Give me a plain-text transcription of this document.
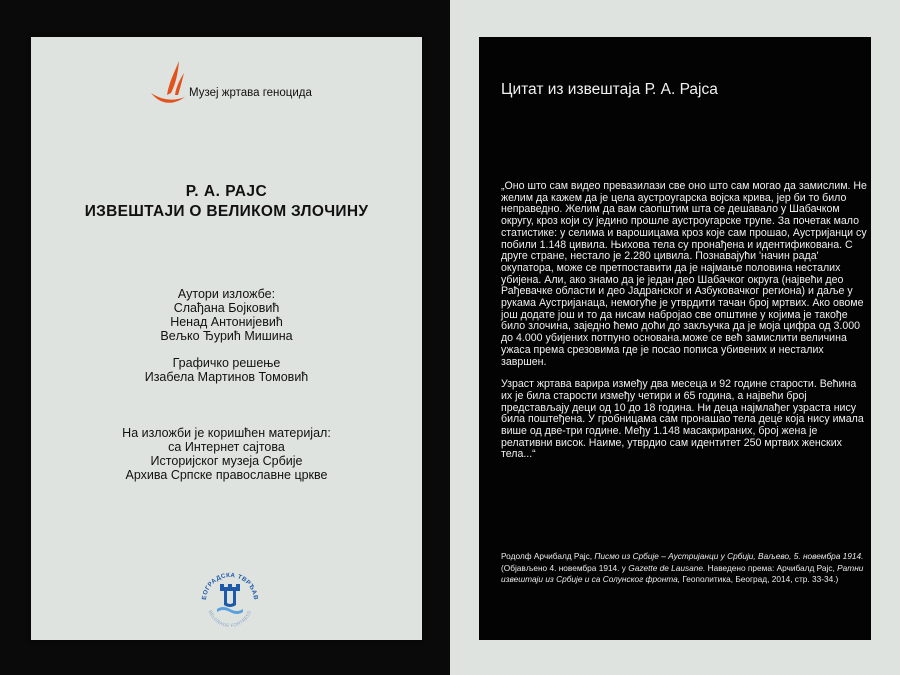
Музеј жртава геноцида
Р. А. РАЈС
ИЗВЕШТАЈИ О ВЕЛИКОМ ЗЛОЧИНУ
Аутори изложбе:
Слађана Бојковић
Ненад Антонијевић
Вељко Ђурић Мишина
Графичко решење
Изабела Мартинов Томовић
На изложби је коришћен материјал:
са Интернет сајтова
Историјског музеја Србије
Архива Српске православне цркве
ЕОГРАДСКА ТВРЂАВ
BELGRADE FORTRESS
Цитат из извештаја Р. А. Рајса

„Оно што сам видео превазилази све оно што сам могао да замислим. Не желим да кажем да је цела аустроугарска војска крива, јер би то било неправедно. Желим да вам саопштим шта се дешавало у Шабачком округу, кроз који су једино прошле аустроугарске трупе. За почетак мало статистике: у селима и варошицама кроз које сам прошао, Аустријанци су побили 1.148 цивила. Њихова тела су пронађена и идентификована. С друге стране, нестало је 2.280 цивила. Познавајући 'начин рада' окупатора, може се претпоставити да је најмање половина несталих убијена. Али, ако знамо да је један део Шабачког округа (највећи део Рађевачке области и део Јадранског и Азбуковачког региона) и даље у рукама Аустријанаца, немогуће је утврдити тачан број мртвих. Ако овоме још додате још и то да нисам набројао све општине у којима је такође било злочина, заједно ћемо доћи до закључка да је моја цифра од 3.000 до 4.000 убијених потпуно основана.може се већ замислити величина ужаса према срезовима где је посао пописа убивених и несталих завршен.

Узраст жртава варира између два месеца и 92 године старости. Већина их је била старости између четири и 65 година, а највећи број представљају деци од 10 до 18 година. Ни деца најмлађег узраста нису била поштеђена. У гробницама сам пронашао тела деце која нису имала више од две-три године. Међу 1.148 масакрираних, број жена је релативни висок. Наиме, утврдио сам идентитет 250 мртвих женских тела...“

Родолф Арчибалд Рајс, Писмо из Србије – Аустријанци у Србији, Ваљево, 5. новембра 1914. (Објављено 4. новембра 1914. у Gazette de Lausane. Наведено према: Арчибалд Рајс, Ратни извештаји из Србије и са Солунског фронта, Геополитика, Београд, 2014, стр. 33-34.)
